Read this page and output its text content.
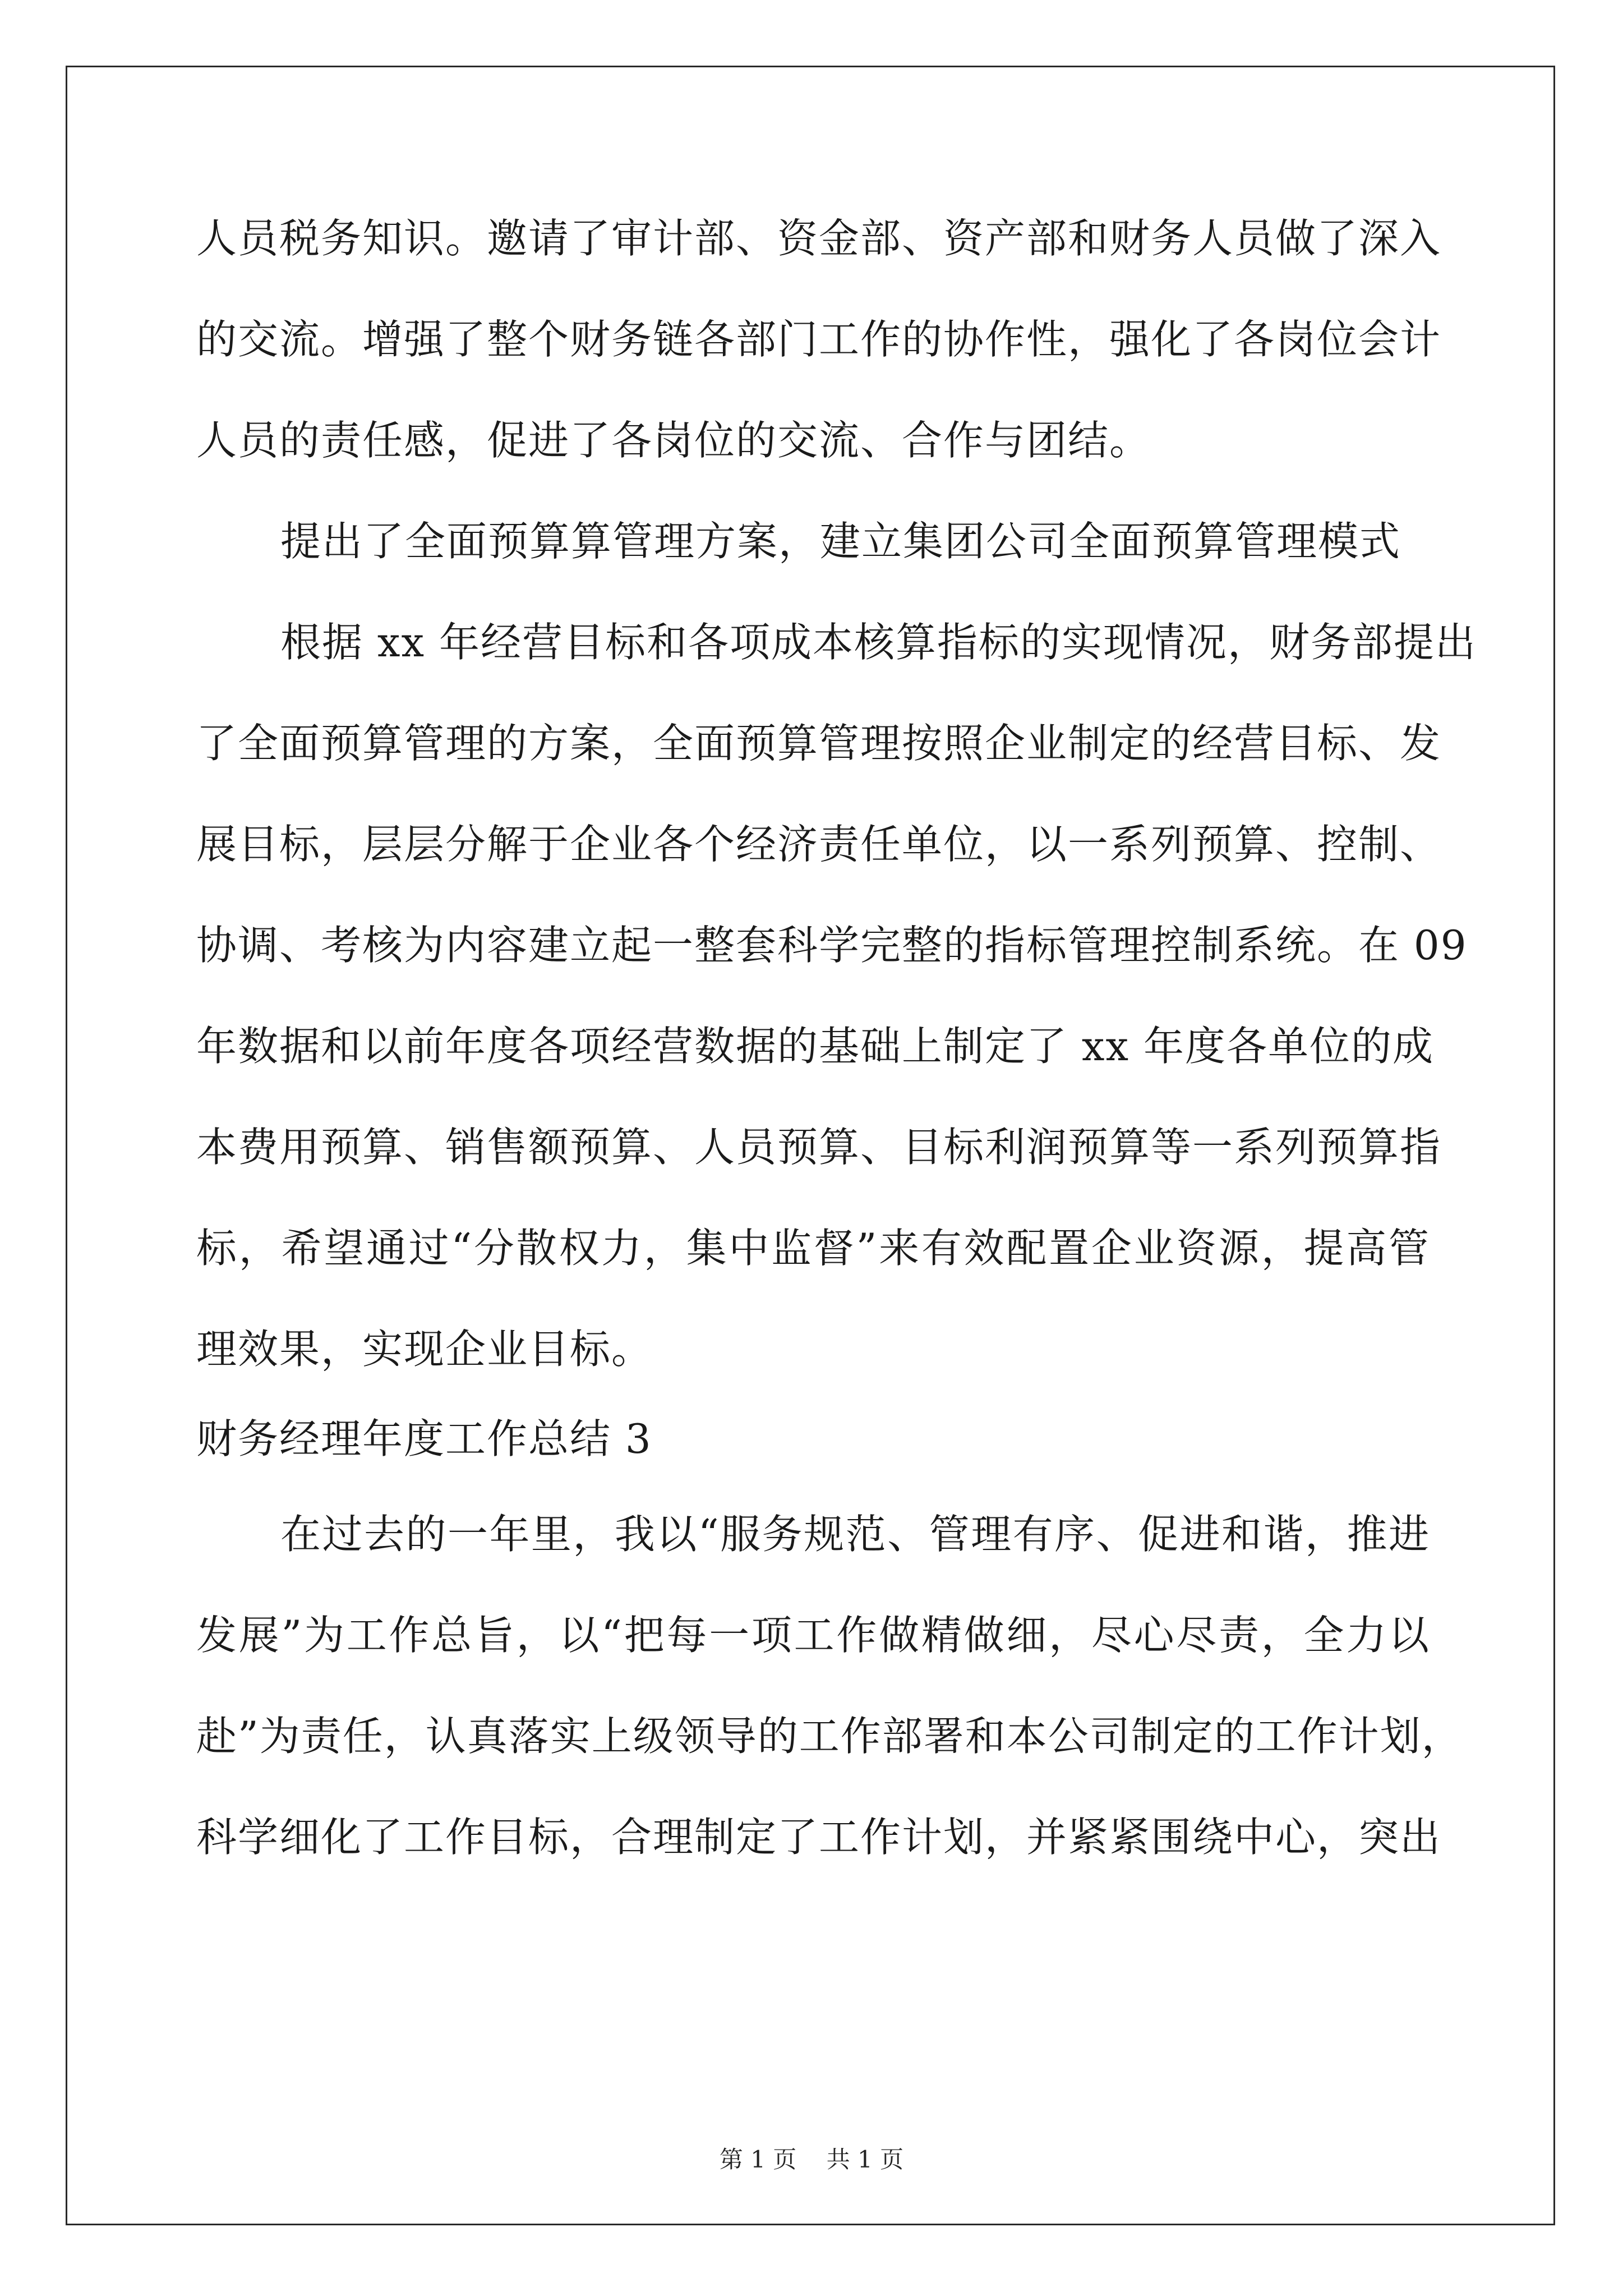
人员税务知识。邀请了审计部、资金部、资产部和财务人员做了深入
的交流。增强了整个财务链各部门工作的协作性，强化了各岗位会计
人员的责任感，促进了各岗位的交流、合作与团结。
提出了全面预算算管理方案，建立集团公司全面预算管理模式
根据 xx 年经营目标和各项成本核算指标的实现情况，财务部提出
了全面预算管理的方案，全面预算管理按照企业制定的经营目标、发
展目标，层层分解于企业各个经济责任单位，以一系列预算、控制、
协调、考核为内容建立起一整套科学完整的指标管理控制系统。在 09
年数据和以前年度各项经营数据的基础上制定了 xx 年度各单位的成
本费用预算、销售额预算、人员预算、目标利润预算等一系列预算指
标，希望通过“分散权力，集中监督”来有效配置企业资源，提高管
理效果，实现企业目标。
财务经理年度工作总结 3
在过去的一年里，我以“服务规范、管理有序、促进和谐，推进
发展”为工作总旨，以“把每一项工作做精做细，尽心尽责，全力以
赴”为责任，认真落实上级领导的工作部署和本公司制定的工作计划，
科学细化了工作目标，合理制定了工作计划，并紧紧围绕中心，突出
第 1 页 共 1 页
